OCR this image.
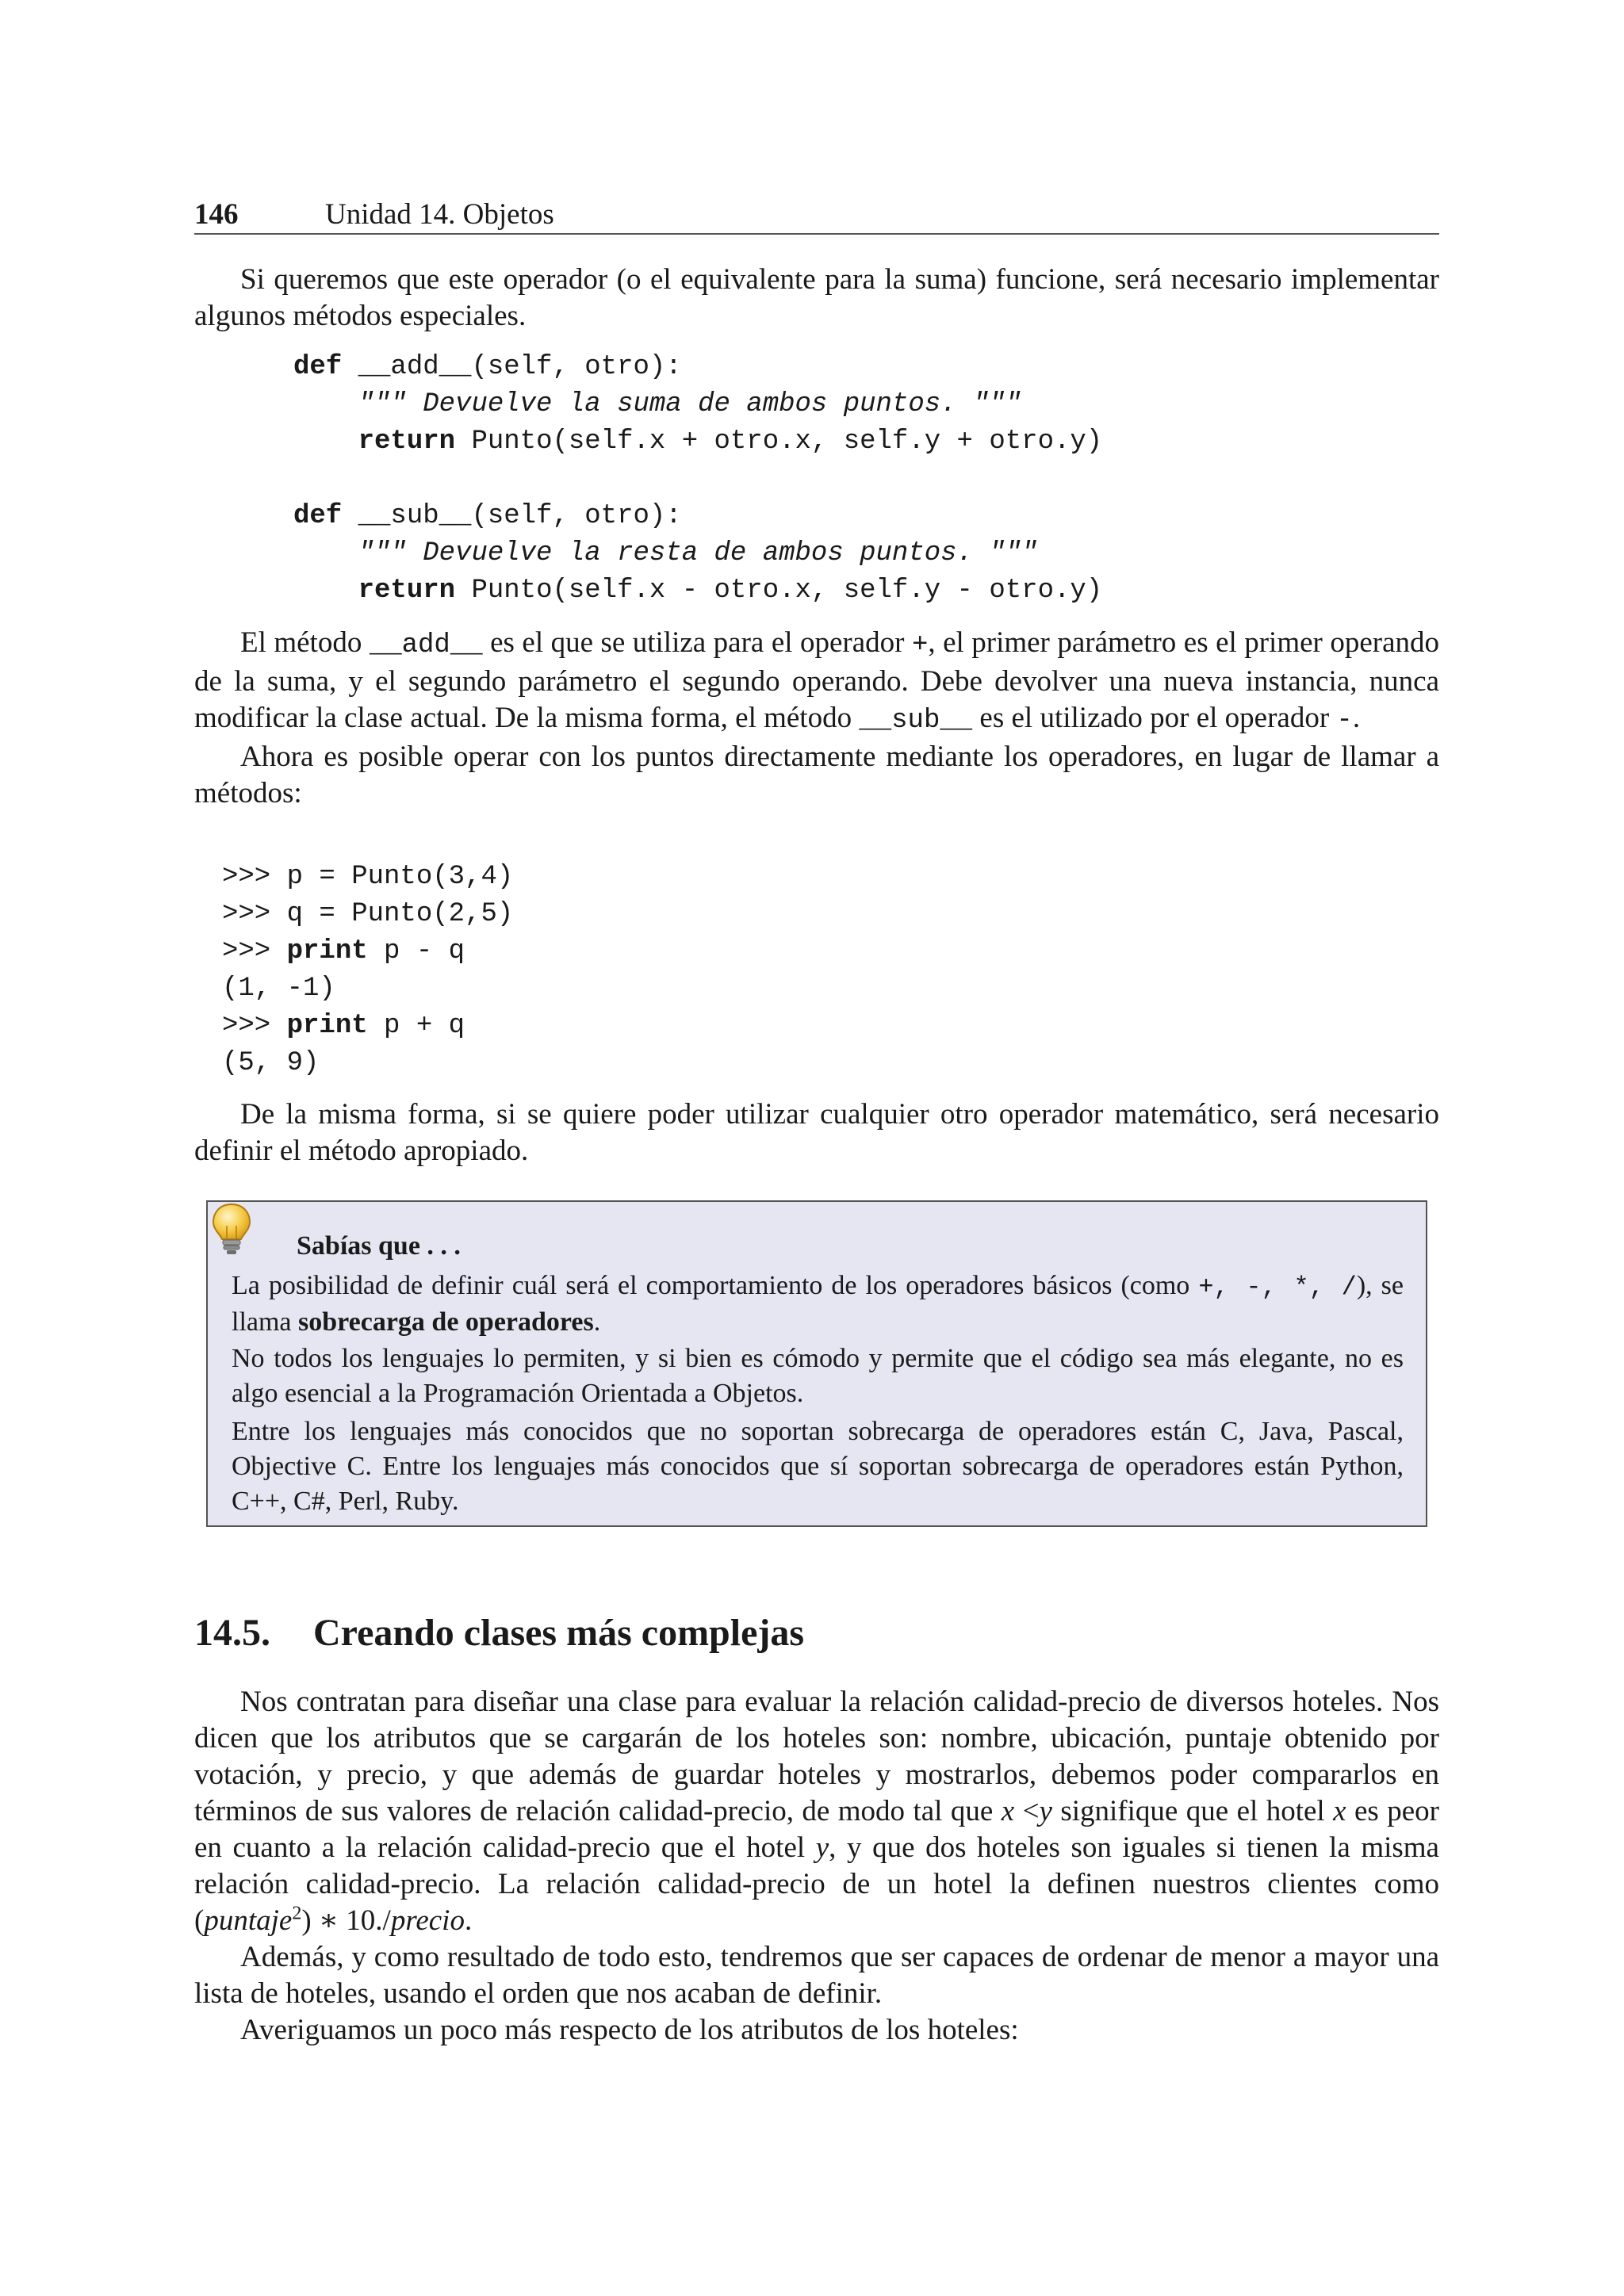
146	Unidad 14. Objetos

Si queremos que este operador (o el equivalente para la suma) funcione, será necesario implementar algunos métodos especiales.

def __add__(self, otro):
""" Devuelve la suma de ambos puntos. """
return Punto(self.x + otro.x, self.y + otro.y)
def __sub__(self, otro):
""" Devuelve la resta de ambos puntos. """
return Punto(self.x - otro.x, self.y - otro.y)

El método __add__ es el que se utiliza para el operador +, el primer parámetro es el primer operando de la suma, y el segundo parámetro el segundo operando. Debe devolver una nueva instancia, nunca modificar la clase actual. De la misma forma, el método __sub__ es el utilizado por el operador -.

Ahora es posible operar con los puntos directamente mediante los operadores, en lugar de llamar a métodos:

>>> p = Punto(3,4)
>>> q = Punto(2,5)
>>> print p - q
(1, -1)
>>> print p + q
(5, 9)

De la misma forma, si se quiere poder utilizar cualquier otro operador matemático, será necesario definir el método apropiado.

Sabías que . . .

La posibilidad de definir cuál será el comportamiento de los operadores básicos (como +, -, *, /), se llama sobrecarga de operadores.

No todos los lenguajes lo permiten, y si bien es cómodo y permite que el código sea más elegante, no es algo esencial a la Programación Orientada a Objetos.

Entre los lenguajes más conocidos que no soportan sobrecarga de operadores están C, Java, Pascal, Objective C. Entre los lenguajes más conocidos que sí soportan sobrecarga de operadores están Python, C++, C#, Perl, Ruby.

14.5. Creando clases más complejas

Nos contratan para diseñar una clase para evaluar la relación calidad-precio de diversos hoteles. Nos dicen que los atributos que se cargarán de los hoteles son: nombre, ubicación, puntaje obtenido por votación, y precio, y que además de guardar hoteles y mostrarlos, debemos poder compararlos en términos de sus valores de relación calidad-precio, de modo tal que x <y signifique que el hotel x es peor en cuanto a la relación calidad-precio que el hotel y, y que dos hoteles son iguales si tienen la misma relación calidad-precio. La relación calidad-precio de un hotel la definen nuestros clientes como (puntaje$^2$) ∗ 10./precio.

Además, y como resultado de todo esto, tendremos que ser capaces de ordenar de menor a mayor una lista de hoteles, usando el orden que nos acaban de definir.

Averiguamos un poco más respecto de los atributos de los hoteles:
